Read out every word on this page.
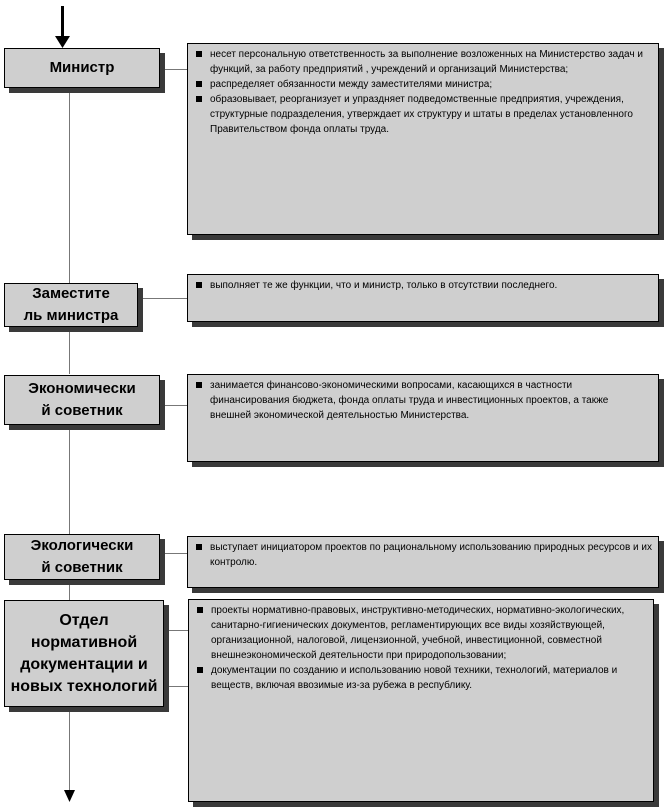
Министр
несет персональную ответственность за выполнение возложенных на Министерство задач и функций, за работу предприятий , учреждений и организаций Министерства;
распределяет обязанности между заместителями министра;
образовывает, реорганизует и упраздняет подведомственные предприятия, учреждения, структурные подразделения, утверждает их структуру и штаты в пределах установленного Правительством фонда оплаты труда.
Заместите
ль министра
выполняет те же функции, что и министр, только в отсутствии последнего.
Экономически
й советник
занимается финансово-экономическими вопросами, касающихся в частности финансирования бюджета, фонда оплаты труда и инвестиционных проектов, а также внешней экономической деятельностью Министерства.
Экологически
й советник
выступает инициатором проектов по рациональному использованию природных ресурсов и их контролю.
Отдел
нормативной
документации и
новых технологий
проекты нормативно-правовых, инструктивно-методических, нормативно-экологических, санитарно-гигиенических документов, регламентирующих все виды хозяйствующей, организационной, налоговой, лицензионной, учебной, инвестиционной, совместной внешнеэкономической деятельности при природопользовании;
документации по созданию и использованию новой техники, технологий, материалов и веществ, включая ввозимые из-за рубежа в республику.
